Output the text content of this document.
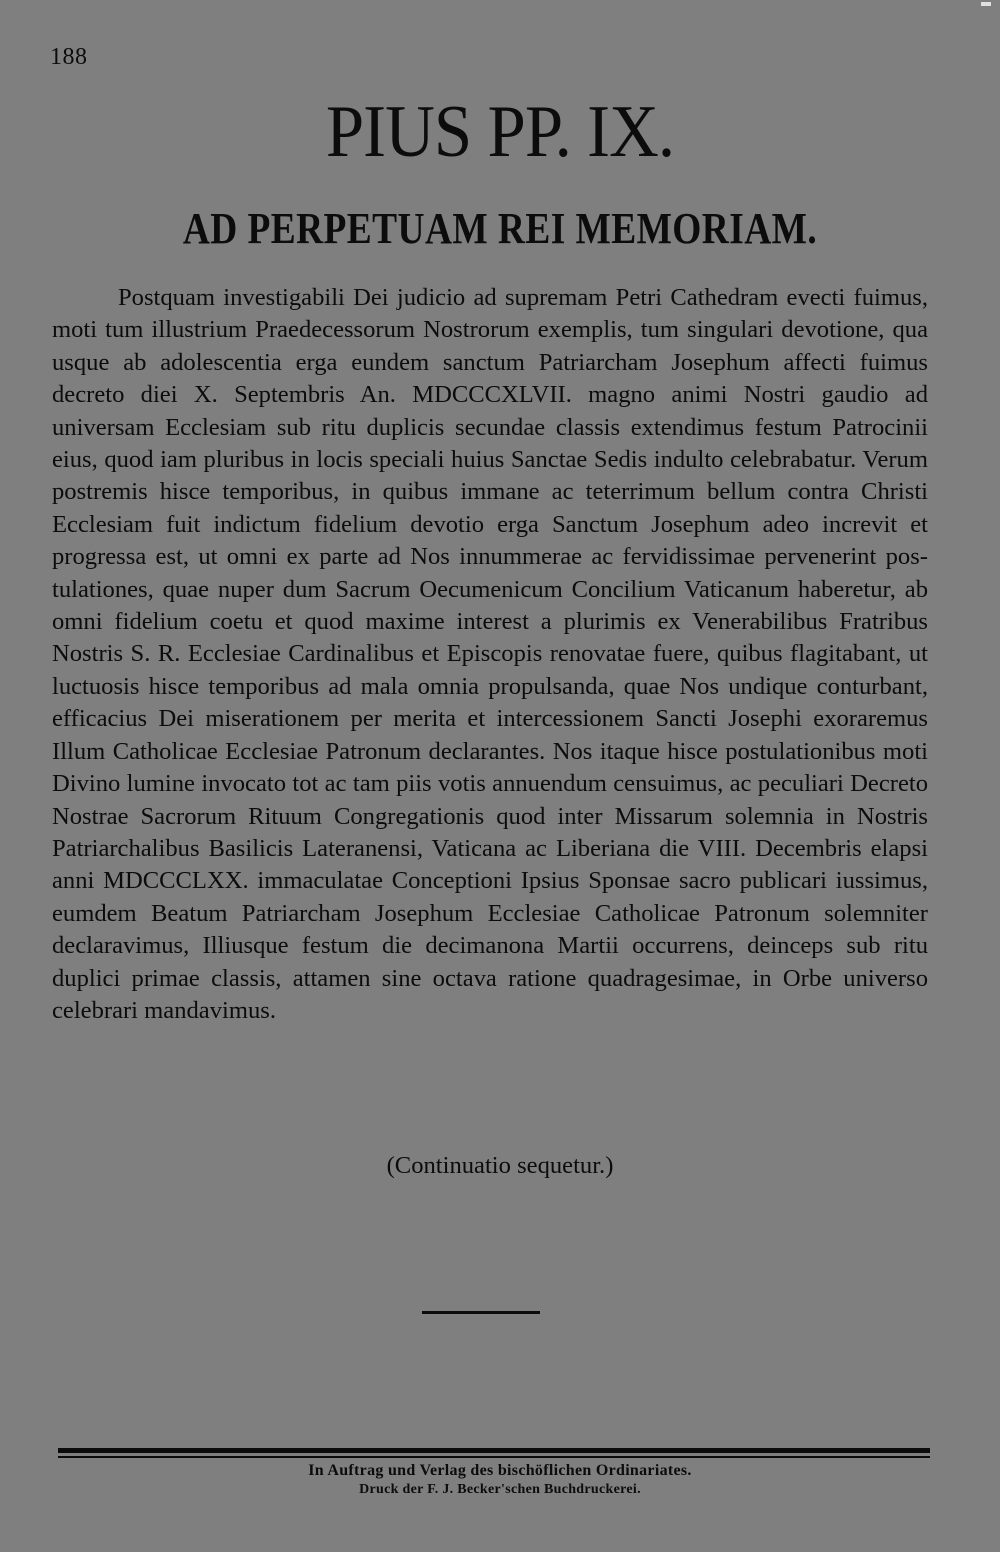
188
PIUS PP. IX.
AD PERPETUAM REI MEMORIAM.

Postquam investigabili Dei judicio ad supremam Petri Cathedram evecti fuimus, moti tum illustrium Praedecessorum Nostrorum exemplis, tum singulari devotione, qua usque ab adolescentia erga eundem sanctum Patriarcham Josephum affecti fuimus decreto diei X. Septembris An. MDCCCXLVII. magno animi Nostri gaudio ad universam Ecclesiam sub ritu duplicis secundae classis extendimus festum Patrocinii eius, quod iam pluribus in locis speciali huius Sanctae Sedis indulto celebrabatur. Verum postremis hisce temporibus, in quibus immane ac teterrimum bellum contra Christi Ecclesiam fuit indictum fidelium devotio erga Sanctum Josephum adeo increvit et progressa est, ut omni ex parte ad Nos innummerae ac fervidissimae pervenerint postulationes, quae nuper dum Sacrum Oecumenicum Concilium Vaticanum haberetur, ab omni fidelium coetu et quod maxime interest a plurimis ex Venerabilibus Fratribus Nostris S. R. Ecclesiae Cardinalibus et Episcopis renovatae fuere, quibus flagitabant, ut luctuosis hisce temporibus ad mala omnia propulsanda, quae Nos undique conturbant, efficacius Dei miserationem per merita et intercessionem Sancti Josephi exoraremus Illum Catholicae Ecclesiae Patronum declarantes. Nos itaque hisce postulationibus moti Divino lumine invocato tot ac tam piis votis annuendum censuimus, ac peculiari Decreto Nostrae Sacrorum Rituum Congregationis quod inter Missarum solemnia in Nostris Patriarchalibus Basilicis Lateranensi, Vaticana ac Liberiana die VIII. Decembris elapsi anni MDCCCLXX. immaculatae Conceptioni Ipsius Sponsae sacro publicari iussimus, eumdem Beatum Patriarcham Josephum Ecclesiae Catholicae Patronum solemniter declaravimus, Illiusque festum die decimanona Martii occurrens, deinceps sub ritu duplici primae classis, attamen sine octava ratione quadragesimae, in Orbe universo celebrari mandavimus.

(Continuatio sequetur.)
In Auftrag und Verlag des bischöflichen Ordinariates.
Druck der F. J. Becker'schen Buchdruckerei.
